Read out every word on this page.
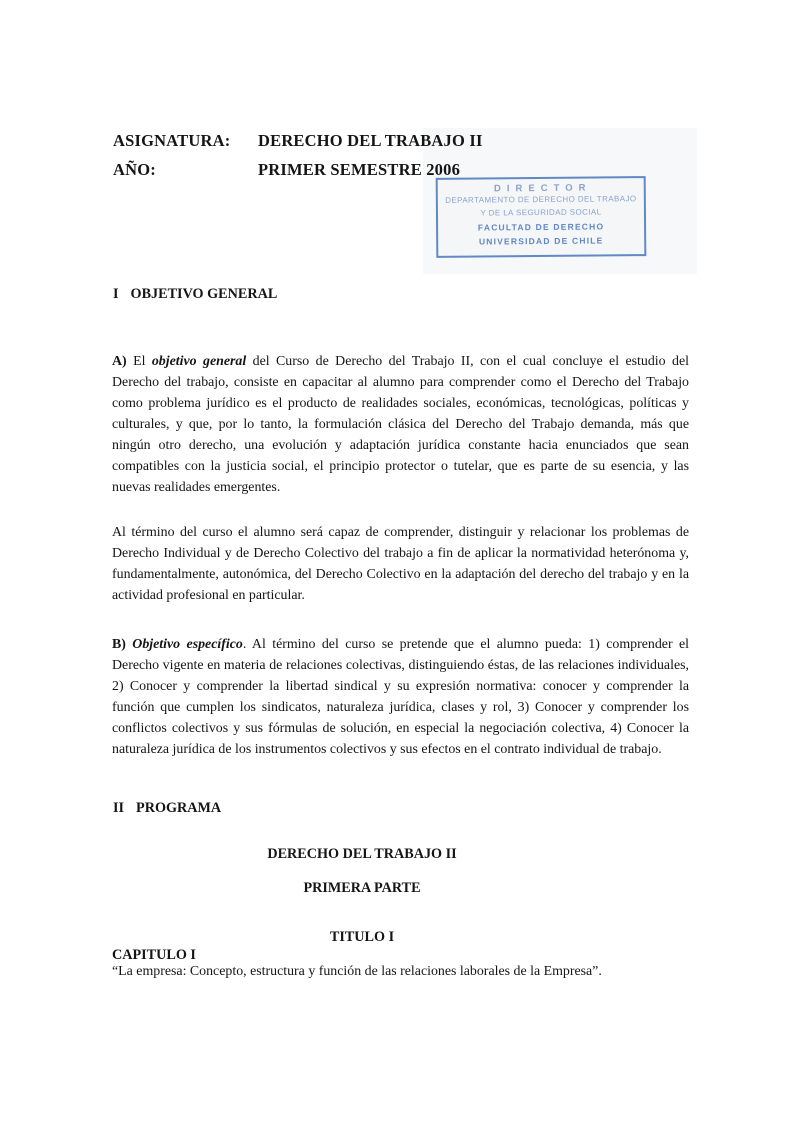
ASIGNATURA:	DERECHO DEL TRABAJO II
AÑO:	PRIMER SEMESTRE 2006
DIRECTOR
DEPARTAMENTO DE DERECHO DEL TRABAJO
Y DE LA SEGURIDAD SOCIAL
FACULTAD DE DERECHO
UNIVERSIDAD DE CHILE
I OBJETIVO GENERAL

A) El objetivo general del Curso de Derecho del Trabajo II, con el cual concluye el estudio del Derecho del trabajo, consiste en capacitar al alumno para comprender como el Derecho del Trabajo como problema jurídico es el producto de realidades sociales, económicas, tecnológicas, políticas y culturales, y que, por lo tanto, la formulación clásica del Derecho del Trabajo demanda, más que ningún otro derecho, una evolución y adaptación jurídica constante hacia enunciados que sean compatibles con la justicia social, el principio protector o tutelar, que es parte de su esencia, y las nuevas realidades emergentes.

Al término del curso el alumno será capaz de comprender, distinguir y relacionar los problemas de Derecho Individual y de Derecho Colectivo del trabajo a fin de aplicar la normatividad heterónoma y, fundamentalmente, autonómica, del Derecho Colectivo en la adaptación del derecho del trabajo y en la actividad profesional en particular.

B) Objetivo específico. Al término del curso se pretende que el alumno pueda: 1) comprender el Derecho vigente en materia de relaciones colectivas, distinguiendo éstas, de las relaciones individuales, 2) Conocer y comprender la libertad sindical y su expresión normativa: conocer y comprender la función que cumplen los sindicatos, naturaleza jurídica, clases y rol, 3) Conocer y comprender los conflictos colectivos y sus fórmulas de solución, en especial la negociación colectiva, 4) Conocer la naturaleza jurídica de los instrumentos colectivos y sus efectos en el contrato individual de trabajo.

II PROGRAMA
DERECHO DEL TRABAJO II
PRIMERA PARTE
TITULO I
CAPITULO I
“La empresa: Concepto, estructura y función de las relaciones laborales de la Empresa”.
